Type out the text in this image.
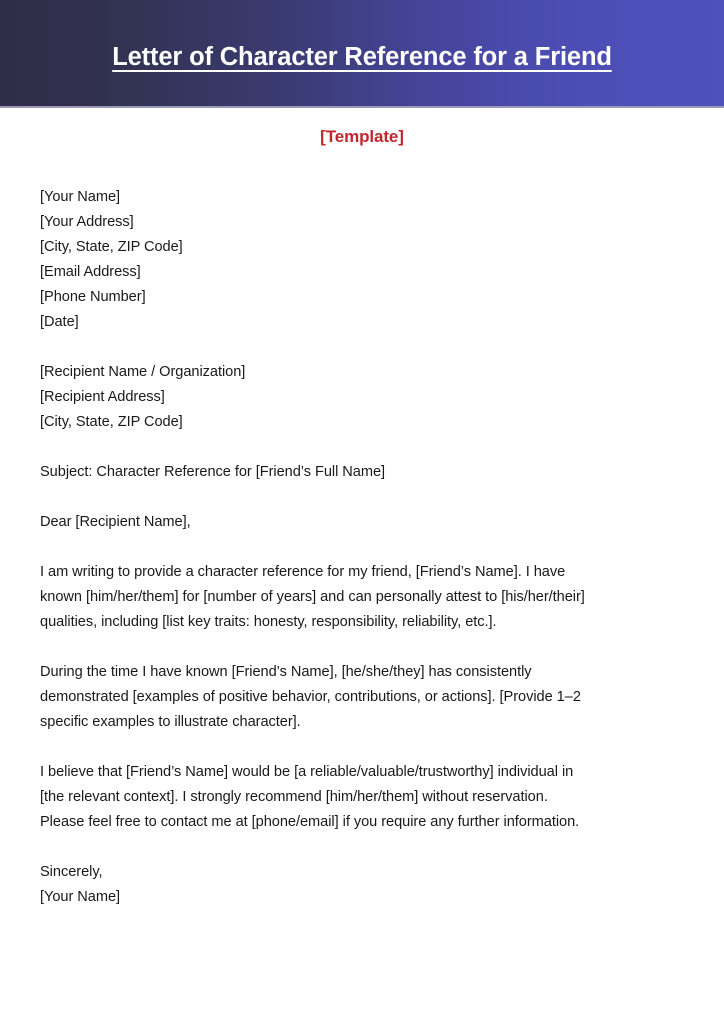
Letter of Character Reference for a Friend
[Template]
[Your Name]
[Your Address]
[City, State, ZIP Code]
[Email Address]
[Phone Number]
[Date]
[Recipient Name / Organization]
[Recipient Address]
[City, State, ZIP Code]
Subject: Character Reference for [Friend’s Full Name]
Dear [Recipient Name],
I am writing to provide a character reference for my friend, [Friend’s Name]. I have
known [him/her/them] for [number of years] and can personally attest to [his/her/their]
qualities, including [list key traits: honesty, responsibility, reliability, etc.].
During the time I have known [Friend’s Name], [he/she/they] has consistently
demonstrated [examples of positive behavior, contributions, or actions]. [Provide 1–2
specific examples to illustrate character].
I believe that [Friend’s Name] would be [a reliable/valuable/trustworthy] individual in
[the relevant context]. I strongly recommend [him/her/them] without reservation.
Please feel free to contact me at [phone/email] if you require any further information.
Sincerely,
[Your Name]
